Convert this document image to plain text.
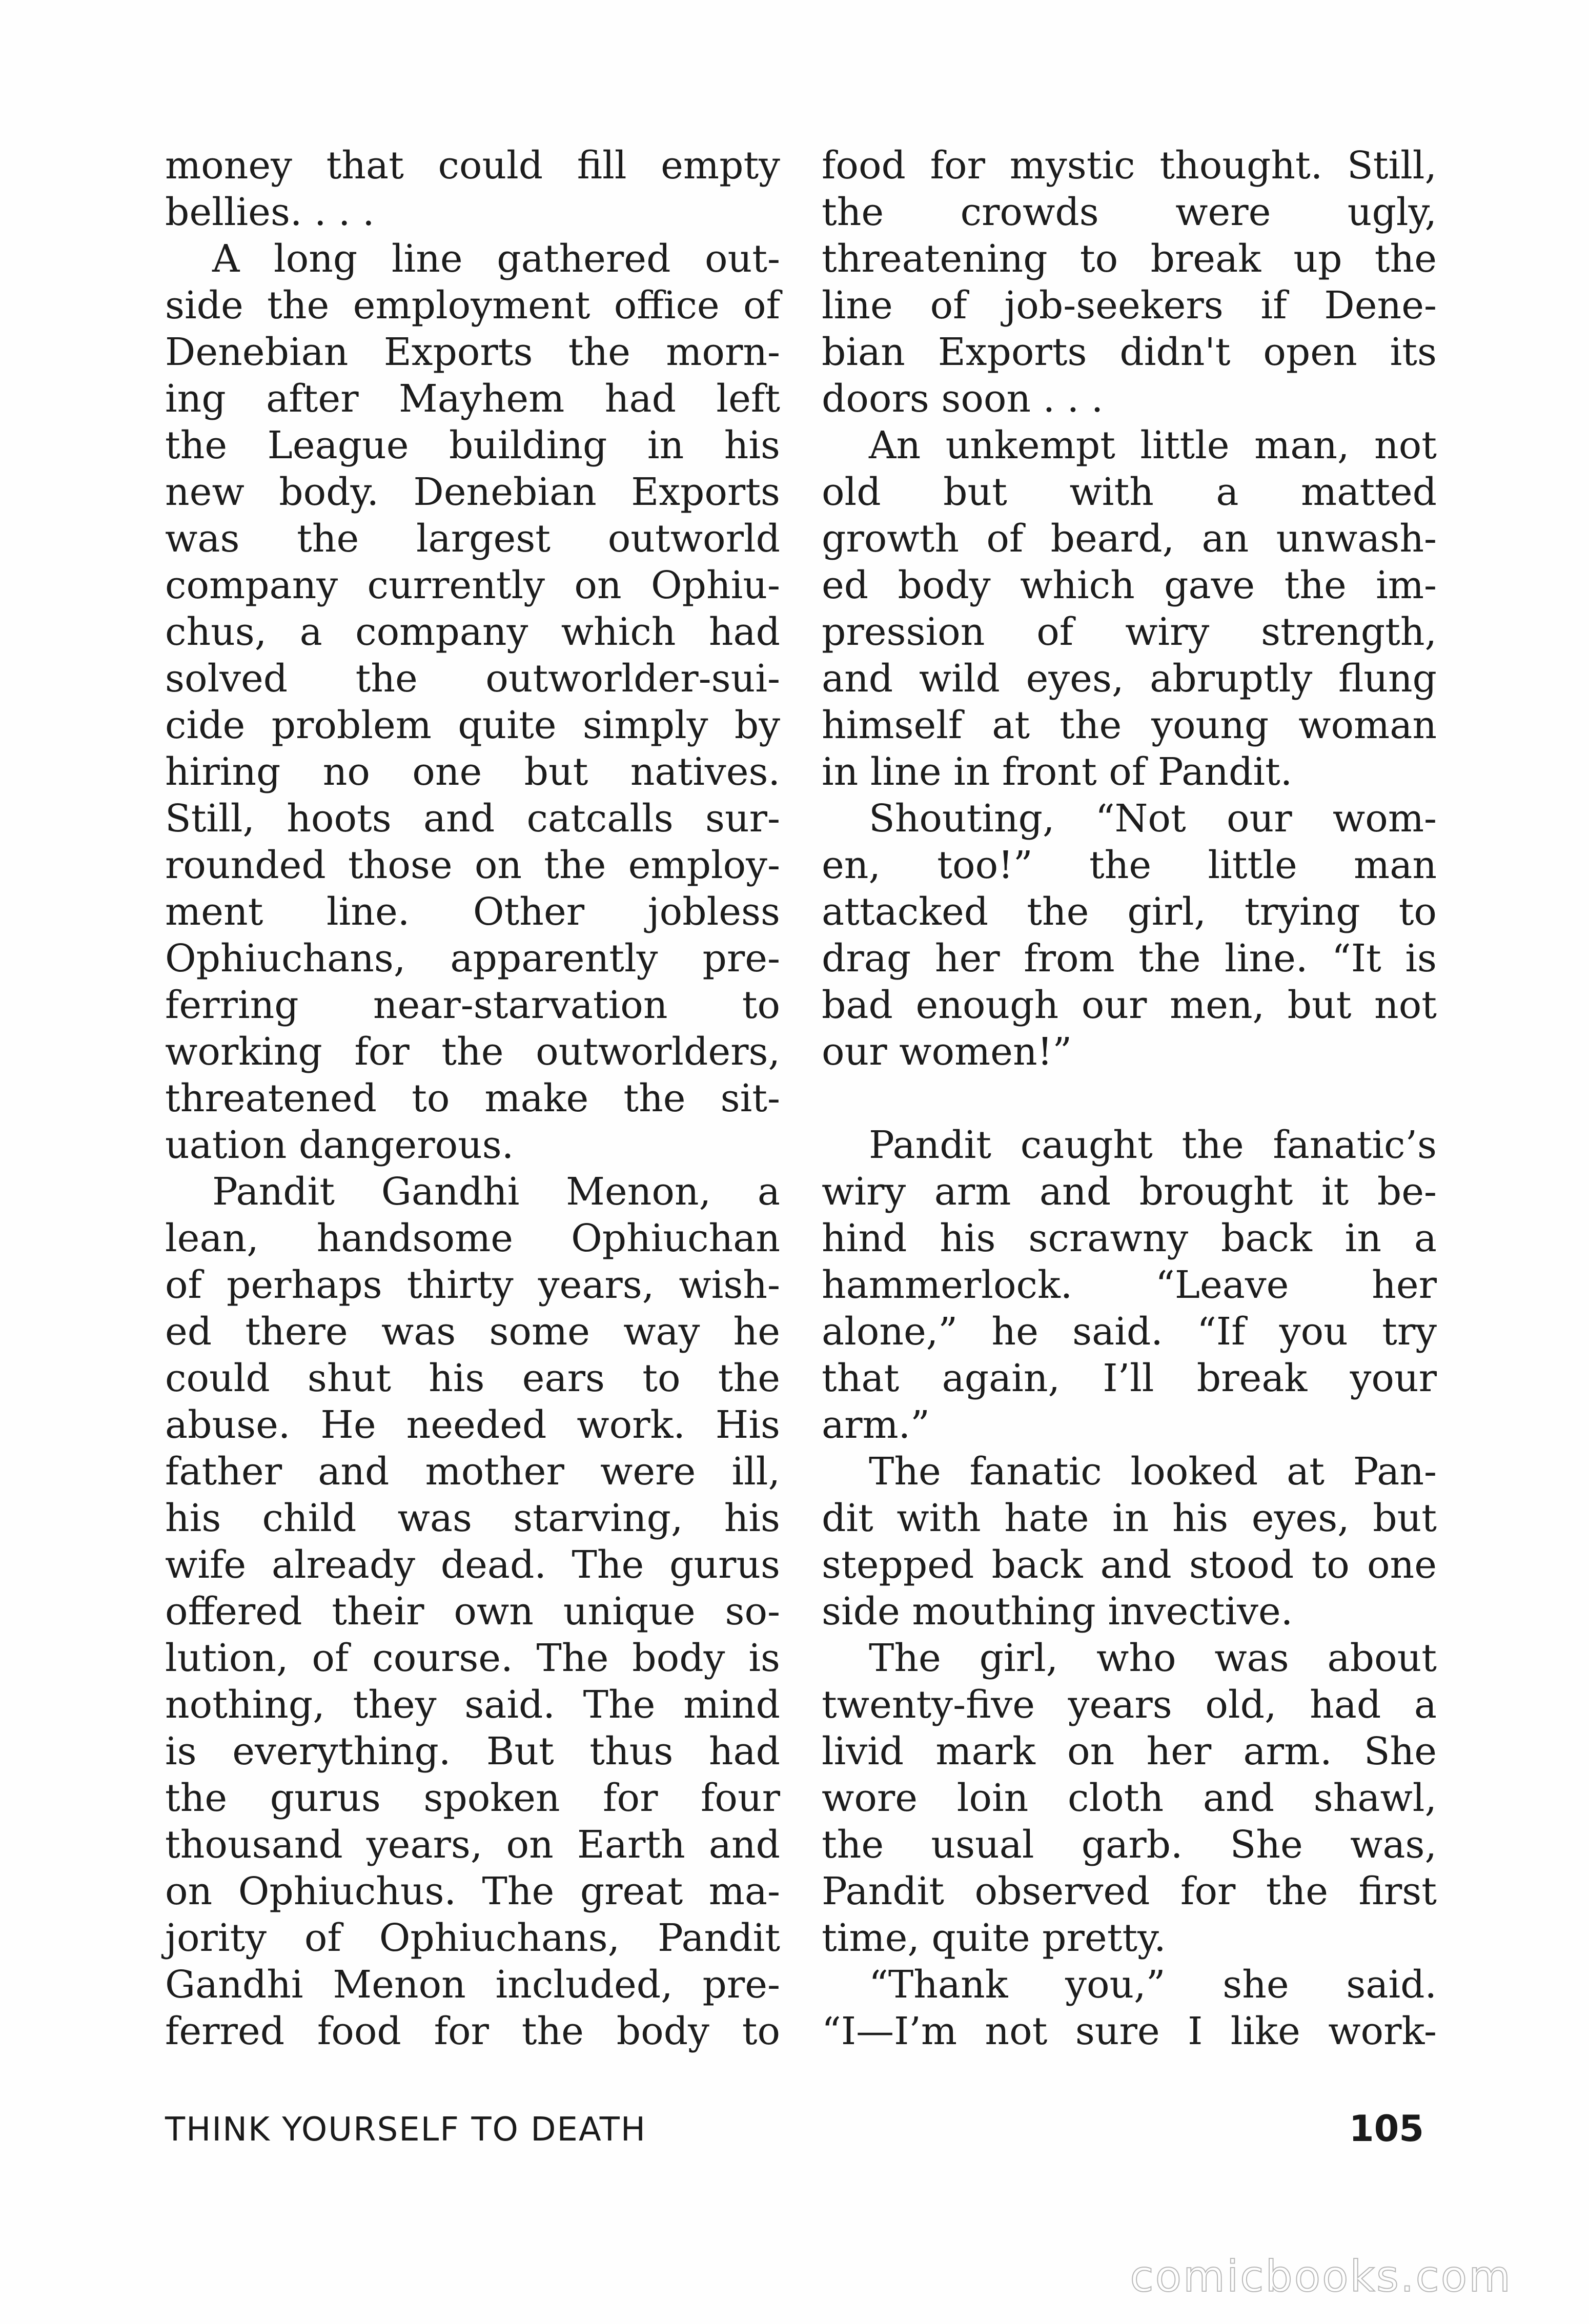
money that could fill empty
bellies. . . .
A long line gathered out-
side the employment office of
Denebian Exports the morn-
ing after Mayhem had left
the League building in his
new body. Denebian Exports
was the largest outworld
company currently on Ophiu-
chus, a company which had
solved the outworlder-sui-
cide problem quite simply by
hiring no one but natives.
Still, hoots and catcalls sur-
rounded those on the employ-
ment line. Other jobless
Ophiuchans, apparently pre-
ferring near-starvation to
working for the outworlders,
threatened to make the sit-
uation dangerous.
Pandit Gandhi Menon, a
lean, handsome Ophiuchan
of perhaps thirty years, wish-
ed there was some way he
could shut his ears to the
abuse. He needed work. His
father and mother were ill,
his child was starving, his
wife already dead. The gurus
offered their own unique so-
lution, of course. The body is
nothing, they said. The mind
is everything. But thus had
the gurus spoken for four
thousand years, on Earth and
on Ophiuchus. The great ma-
jority of Ophiuchans, Pandit
Gandhi Menon included, pre-
ferred food for the body to
food for mystic thought. Still,
the crowds were ugly,
threatening to break up the
line of job-seekers if Dene-
bian Exports didn't open its
doors soon . . .
An unkempt little man, not
old but with a matted
growth of beard, an unwash-
ed body which gave the im-
pression of wiry strength,
and wild eyes, abruptly flung
himself at the young woman
in line in front of Pandit.
Shouting, “Not our wom-
en, too!” the little man
attacked the girl, trying to
drag her from the line. “It is
bad enough our men, but not
our women!”
Pandit caught the fanatic’s
wiry arm and brought it be-
hind his scrawny back in a
hammerlock. “Leave her
alone,” he said. “If you try
that again, I’ll break your
arm.”
The fanatic looked at Pan-
dit with hate in his eyes, but
stepped back and stood to one
side mouthing invective.
The girl, who was about
twenty-five years old, had a
livid mark on her arm. She
wore loin cloth and shawl,
the usual garb. She was,
Pandit observed for the first
time, quite pretty.
“Thank you,” she said.
“I—I’m not sure I like work-
THINK YOURSELF TO DEATH	105
comicbooks.com
